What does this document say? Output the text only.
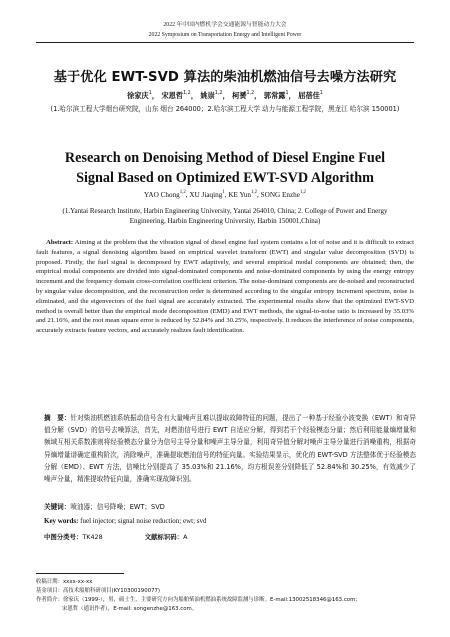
2022 年中国内燃机学会交通能源与智能动力大会
2022 Symposium on Transportation Energy and Intelligent Power
基于优化 EWT-SVD 算法的柴油机燃油信号去噪方法研究
徐家庆$^1$， 宋恩哲$^{1,2}$， 姚崇$^{1,2}$， 柯赟$^{1,2}$， 郭常露$^1$， 屈蓓佳$^1$
(1.哈尔滨工程大学烟台研究院，山东 烟台 264000；2.哈尔滨工程大学 动力与能源工程学院，黑龙江 哈尔滨 150001)
Research on Denoising Method of Diesel Engine Fuel
Signal Based on Optimized EWT-SVD Algorithm
YAO Chong$^{1,2}$, XU Jiaqing$^1$, KE Yun$^{1,2}$, SONG Enzhe$^{1,2}$
(1.Yantai Research Institute, Harbin Engineering University, Yantai 264010, China; 2. College of Power and Energy Engineering, Harbin Engineering University, Harbin 150001,China)
Abstract: Aiming at the problem that the vibration signal of diesel engine fuel system contains a lot of noise and it is difficult to extract fault features, a signal denoising algorithm based on empirical wavelet transform (EWT) and singular value decomposition (SVD) is proposed. Firstly, the fuel signal is decomposed by EWT adaptively, and several empirical modal components are obtained; then, the empirical modal components are divided into signal-dominated components and noise-dominated components by using the energy entropy increment and the frequency domain cross-correlation coefficient criterion. The noise-dominant components are de-noised and reconstructed by singular value decomposition, and the reconstruction order is determined according to the singular entropy increment spectrum, noise is eliminated, and the eigenvectors of the fuel signal are accurately extracted. The experimental results show that the optimized EWT-SVD method is overall better than the empirical mode decomposition (EMD) and EWT methods, the signal-to-noise ratio is increased by 35.03% and 21.16%, and the root mean square error is reduced by 52.84% and 30.25%, respectively. It reduces the interference of noise components, accurately extracts feature vectors, and accurately realizes fault identification.
摘　要：针对柴油机燃油系统振动信号含有大量噪声且难以提取故障特征的问题，提出了一种基于经验小波变换（EWT）和奇异值分解（SVD）的信号去噪算法，首先，对燃油信号进行 EWT 自适应分解，得到若干个经验模态分量；然后利用能量熵增量和频域互相关系数准则将经验模态分量分为信号主导分量和噪声主导分量，利用奇异值分解对噪声主导分量进行消噪重构，根据奇异熵增量谱确定重构阶次，消除噪声，准确提取燃油信号的特征向量。实验结果显示，优化的 EWT-SVD 方法整体优于经验模态分解（EMD）、EWT 方法，信噪比分别提高了 35.03%和 21.16%，均方根误差分别降低了 52.84%和 30.25%，有效减少了噪声分量，精准提取特征向量，准确实现故障识别。
关键词：喷油器；信号降噪；EWT；SVD
Key words: fuel injector; signal noise reduction; ewt; svd
中图分类号：TK428	文献标识码：A
收稿日期：xxxx-xx-xx
基金项目：高技术船舶科研项目(KY10300190077)
作者简介：徐家庆（1999-），男，硕士生，主要研究方向为船舶柴油机燃油系统故障监测与诊断。E-mail:13002518346@163.com；
宋恩哲（通讯作者），E-mail: songenzhe@163.com。
